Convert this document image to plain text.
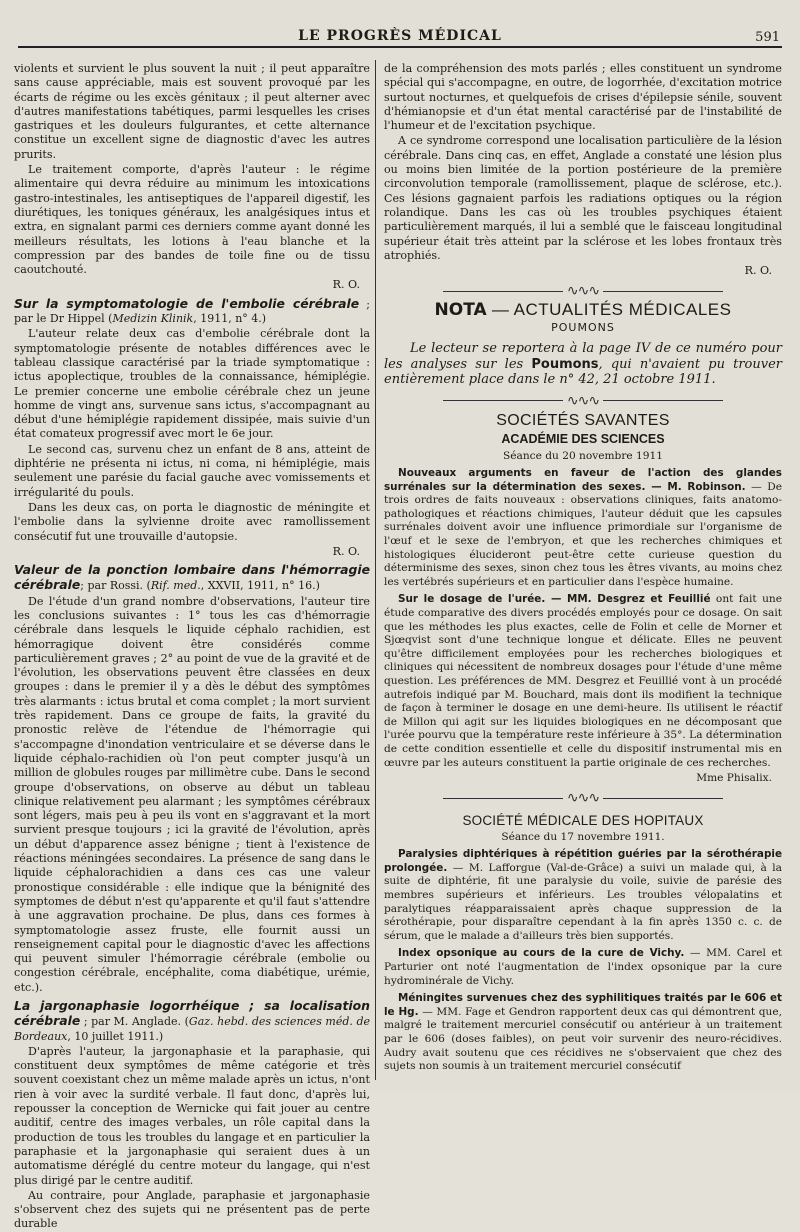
LE PROGRÈS MÉDICAL	591

violents et survient le plus souvent la nuit ; il peut apparaître sans cause appréciable, mais est souvent provoqué par les écarts de régime ou les excès génitaux ; il peut alterner avec d'autres manifestations tabétiques, parmi lesquelles les crises gastriques et les douleurs fulgurantes, et cette alternance constitue un excellent signe de diagnostic d'avec les autres prurits.

Le traitement comporte, d'après l'auteur : le régime alimentaire qui devra réduire au minimum les intoxications gastro-intestinales, les antiseptiques de l'appareil digestif, les diurétiques, les toniques généraux, les analgésiques intus et extra, en signalant parmi ces derniers comme ayant donné les meilleurs résultats, les lotions à l'eau blanche et la compression par des bandes de toile fine ou de tissu caoutchouté.

R. O.

Sur la symptomatologie de l'embolie cérébrale ; par le Dr Hippel (Medizin Klinik, 1911, n° 4.)

L'auteur relate deux cas d'embolie cérébrale dont la symptomatologie présente de notables différences avec le tableau classique caractérisé par la triade symptomatique : ictus apoplectique, troubles de la connaissance, hémiplégie. Le premier concerne une embolie cérébrale chez un jeune homme de vingt ans, survenue sans ictus, s'accompagnant au début d'une hémiplégie rapidement dissipée, mais suivie d'un état comateux progressif avec mort le 6e jour.

Le second cas, survenu chez un enfant de 8 ans, atteint de diphtérie ne présenta ni ictus, ni coma, ni hémiplégie, mais seulement une parésie du facial gauche avec vomissements et irrégularité du pouls.

Dans les deux cas, on porta le diagnostic de méningite et l'embolie dans la sylvienne droite avec ramollissement consécutif fut une trouvaille d'autopsie.

R. O.

Valeur de la ponction lombaire dans l'hémorragie cérébrale; par Rossi. (Rif. med., XXVII, 1911, n° 16.)

De l'étude d'un grand nombre d'observations, l'auteur tire les conclusions suivantes : 1° tous les cas d'hémorragie cérébrale dans lesquels le liquide céphalo rachidien, est hémorragique doivent être considérés comme particulièrement graves ; 2° au point de vue de la gravité et de l'évolution, les observations peuvent être classées en deux groupes : dans le premier il y a dès le début des symptômes très alarmants : ictus brutal et coma complet ; la mort survient très rapidement. Dans ce groupe de faits, la gravité du pronostic relève de l'étendue de l'hémorragie qui s'accompagne d'inondation ventriculaire et se déverse dans le liquide céphalo-rachidien où l'on peut compter jusqu'à un million de globules rouges par millimètre cube. Dans le second groupe d'observations, on observe au début un tableau clinique relativement peu alarmant ; les symptômes cérébraux sont légers, mais peu à peu ils vont en s'aggravant et la mort survient presque toujours ; ici la gravité de l'évolution, après un début d'apparence assez bénigne ; tient à l'existence de réactions méningées secondaires. La présence de sang dans le liquide céphalorachidien a dans ces cas une valeur pronostique considérable : elle indique que la bénignité des symptomes de début n'est qu'apparente et qu'il faut s'attendre à une aggravation prochaine. De plus, dans ces formes à symptomatologie assez fruste, elle fournit aussi un renseignement capital pour le diagnostic d'avec les affections qui peuvent simuler l'hémorragie cérébrale (embolie ou congestion cérébrale, encéphalite, coma diabétique, urémie, etc.).

La jargonaphasie logorrhéique ; sa localisation cérébrale ; par M. Anglade. (Gaz. hebd. des sciences méd. de Bordeaux, 10 juillet 1911.)

D'après l'auteur, la jargonaphasie et la paraphasie, qui constituent deux symptômes de même catégorie et très souvent coexistant chez un même malade après un ictus, n'ont rien à voir avec la surdité verbale. Il faut donc, d'après lui, repousser la conception de Wernicke qui fait jouer au centre auditif, centre des images verbales, un rôle capital dans la production de tous les troubles du langage et en particulier la paraphasie et la jargonaphasie qui seraient dues à un automatisme déréglé du centre moteur du langage, qui n'est plus dirigé par le centre auditif.

Au contraire, pour Anglade, paraphasie et jargonaphasie s'observent chez des sujets qui ne présentent pas de perte durable

de la compréhension des mots parlés ; elles constituent un syndrome spécial qui s'accompagne, en outre, de logorrhée, d'excitation motrice surtout nocturnes, et quelquefois de crises d'épilepsie sénile, souvent d'hémianopsie et d'un état mental caractérisé par de l'instabilité de l'humeur et de l'excitation psychique.

A ce syndrome correspond une localisation particulière de la lésion cérébrale. Dans cinq cas, en effet, Anglade a constaté une lésion plus ou moins bien limitée de la portion postérieure de la première circonvolution temporale (ramollissement, plaque de sclérose, etc.). Ces lésions gagnaient parfois les radiations optiques ou la région rolandique. Dans les cas où les troubles psychiques étaient particulièrement marqués, il lui a semblé que le faisceau longitudinal supérieur était très atteint par la sclérose et les lobes frontaux très atrophiés.

R. O.
∿∿∿
NOTA — ACTUALITÉS MÉDICALES
POUMONS

Le lecteur se reportera à la page IV de ce numéro pour les analyses sur les Poumons, qui n'avaient pu trouver entièrement place dans le n° 42, 21 octobre 1911.

∿∿∿
SOCIÉTÉS SAVANTES
ACADÉMIE DES SCIENCES
Séance du 20 novembre 1911

Nouveaux arguments en faveur de l'action des glandes surrénales sur la détermination des sexes. — M. Robinson. — De trois ordres de faits nouveaux : observations cliniques, faits anatomo-pathologiques et réactions chimiques, l'auteur déduit que les capsules surrénales doivent avoir une influence primordiale sur l'organisme de l'œuf et le sexe de l'embryon, et que les recherches chimiques et histologiques élucideront peut-être cette curieuse question du déterminisme des sexes, sinon chez tous les êtres vivants, au moins chez les vertébrés supérieurs et en particulier dans l'espèce humaine.

Sur le dosage de l'urée. — MM. Desgrez et Feuillié ont fait une étude comparative des divers procédés employés pour ce dosage. On sait que les méthodes les plus exactes, celle de Folin et celle de Morner et Sjœqvist sont d'une technique longue et délicate. Elles ne peuvent qu'être difficilement employées pour les recherches biologiques et cliniques qui nécessitent de nombreux dosages pour l'étude d'une même question. Les préférences de MM. Desgrez et Feuillié vont à un procédé autrefois indiqué par M. Bouchard, mais dont ils modifient la technique de façon à terminer le dosage en une demi-heure. Ils utilisent le réactif de Millon qui agit sur les liquides biologiques en ne décomposant que l'urée pourvu que la température reste inférieure à 35°. La détermination de cette condition essentielle et celle du dispositif instrumental mis en œuvre par les auteurs constituent la partie originale de ces recherches.

Mme Phisalix.
∿∿∿
SOCIÉTÉ MÉDICALE DES HOPITAUX
Séance du 17 novembre 1911.

Paralysies diphtériques à répétition guéries par la sérothérapie prolongée. — M. Lafforgue (Val-de-Grâce) a suivi un malade qui, à la suite de diphtérie, fit une paralysie du voile, suivie de parésie des membres supérieurs et inférieurs. Les troubles vélopalatins et paralytiques réapparaissaient après chaque suppression de la sérothérapie, pour disparaître cependant à la fin après 1350 c. c. de sérum, que le malade a d'ailleurs très bien supportés.

Index opsonique au cours de la cure de Vichy. — MM. Carel et Parturier ont noté l'augmentation de l'index opsonique par la cure hydrominérale de Vichy.

Méningites survenues chez des syphilitiques traités par le 606 et le Hg. — MM. Fage et Gendron rapportent deux cas qui démontrent que, malgré le traitement mercuriel consécutif ou antérieur à un traitement par le 606 (doses faibles), on peut voir survenir des neuro-récidives. Audry avait soutenu que ces récidives ne s'observaient que chez des sujets non soumis à un traitement mercuriel consécutif
